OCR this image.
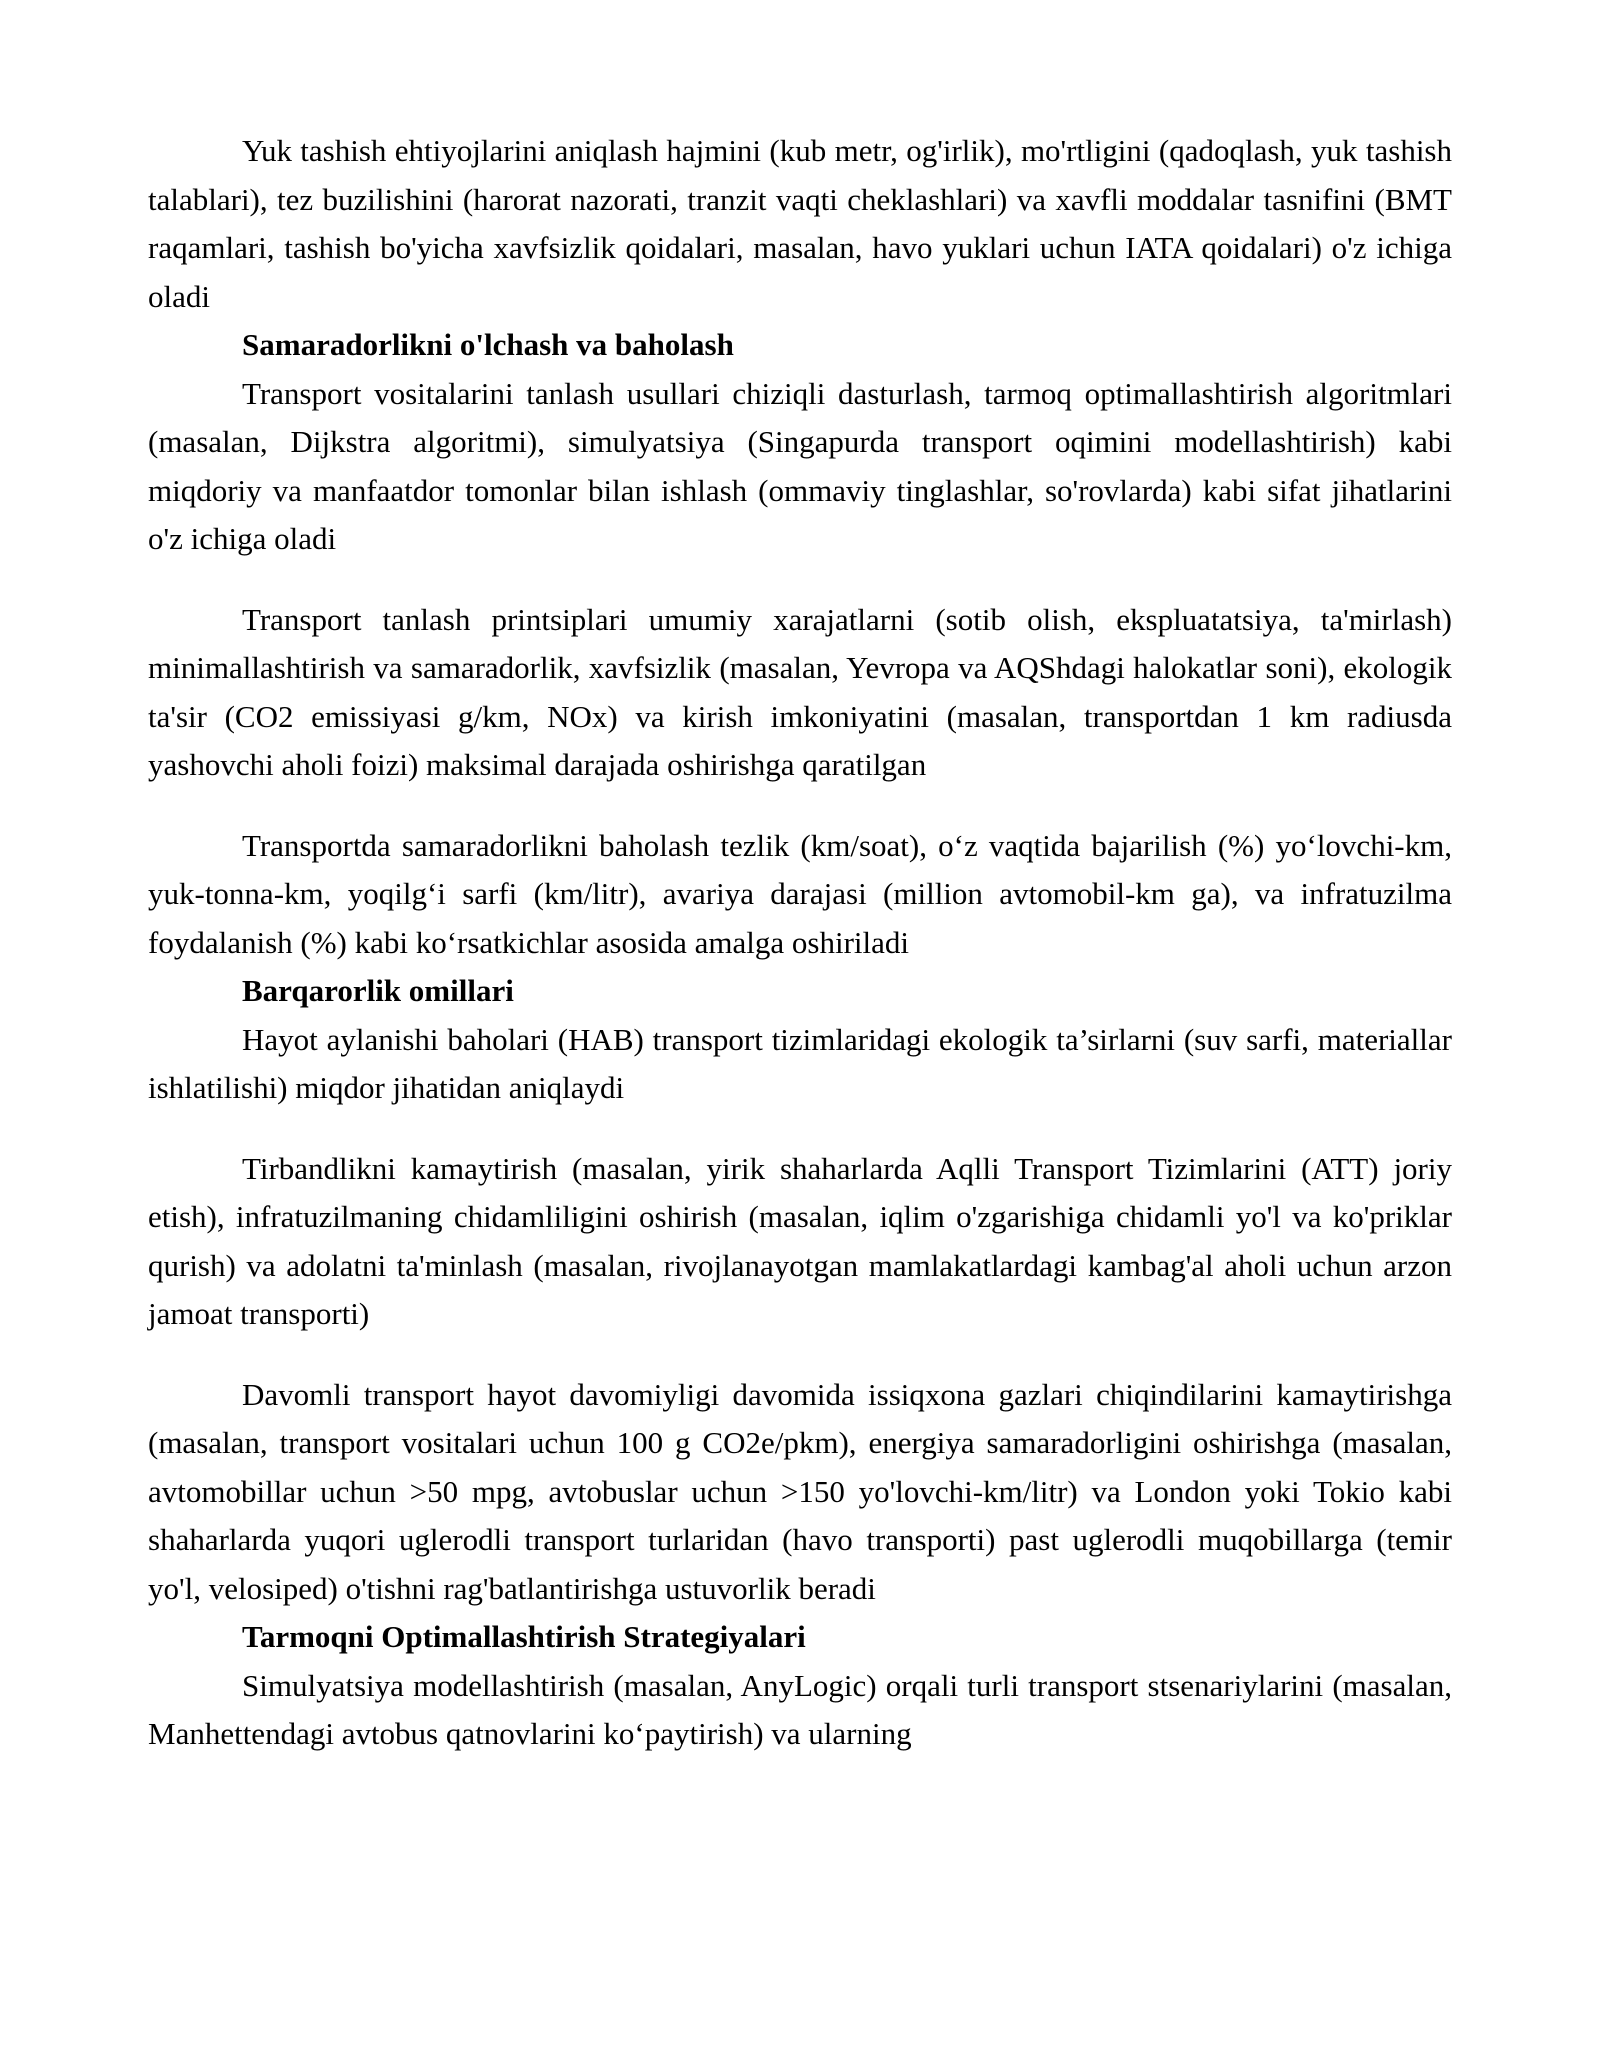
Yuk tashish ehtiyojlarini aniqlash hajmini (kub metr, og'irlik), mo'rtligini (qadoqlash, yuk tashish talablari), tez buzilishini (harorat nazorati, tranzit vaqti cheklashlari) va xavfli moddalar tasnifini (BMT raqamlari, tashish bo'yicha xavfsizlik qoidalari, masalan, havo yuklari uchun IATA qoidalari) o'z ichiga oladi

Samaradorlikni o'lchash va baholash

Transport vositalarini tanlash usullari chiziqli dasturlash, tarmoq optimallashtirish algoritmlari (masalan, Dijkstra algoritmi), simulyatsiya (Singapurda transport oqimini modellashtirish) kabi miqdoriy va manfaatdor tomonlar bilan ishlash (ommaviy tinglashlar, so'rovlarda) kabi sifat jihatlarini o'z ichiga oladi

Transport tanlash printsiplari umumiy xarajatlarni (sotib olish, ekspluatatsiya, ta'mirlash) minimallashtirish va samaradorlik, xavfsizlik (masalan, Yevropa va AQShdagi halokatlar soni), ekologik ta'sir (CO2 emissiyasi g/km, NOx) va kirish imkoniyatini (masalan, transportdan 1 km radiusda yashovchi aholi foizi) maksimal darajada oshirishga qaratilgan

Transportda samaradorlikni baholash tezlik (km/soat), o‘z vaqtida bajarilish (%) yo‘lovchi-km, yuk-tonna-km, yoqilg‘i sarfi (km/litr), avariya darajasi (million avtomobil-km ga), va infratuzilma foydalanish (%) kabi ko‘rsatkichlar asosida amalga oshiriladi

Barqarorlik omillari

Hayot aylanishi baholari (HAB) transport tizimlaridagi ekologik ta’sirlarni (suv sarfi, materiallar ishlatilishi) miqdor jihatidan aniqlaydi

Tirbandlikni kamaytirish (masalan, yirik shaharlarda Aqlli Transport Tizimlarini (ATT) joriy etish), infratuzilmaning chidamliligini oshirish (masalan, iqlim o'zgarishiga chidamli yo'l va ko'priklar qurish) va adolatni ta'minlash (masalan, rivojlanayotgan mamlakatlardagi kambag'al aholi uchun arzon jamoat transporti)

Davomli transport hayot davomiyligi davomida issiqxona gazlari chiqindilarini kamaytirishga (masalan, transport vositalari uchun 100 g CO2e/pkm), energiya samaradorligini oshirishga (masalan, avtomobillar uchun >50 mpg, avtobuslar uchun >150 yo'lovchi-km/litr) va London yoki Tokio kabi shaharlarda yuqori uglerodli transport turlaridan (havo transporti) past uglerodli muqobillarga (temir yo'l, velosiped) o'tishni rag'batlantirishga ustuvorlik beradi

Tarmoqni Optimallashtirish Strategiyalari

Simulyatsiya modellashtirish (masalan, AnyLogic) orqali turli transport stsenariylarini (masalan, Manhettendagi avtobus qatnovlarini ko‘paytirish) va ularning
